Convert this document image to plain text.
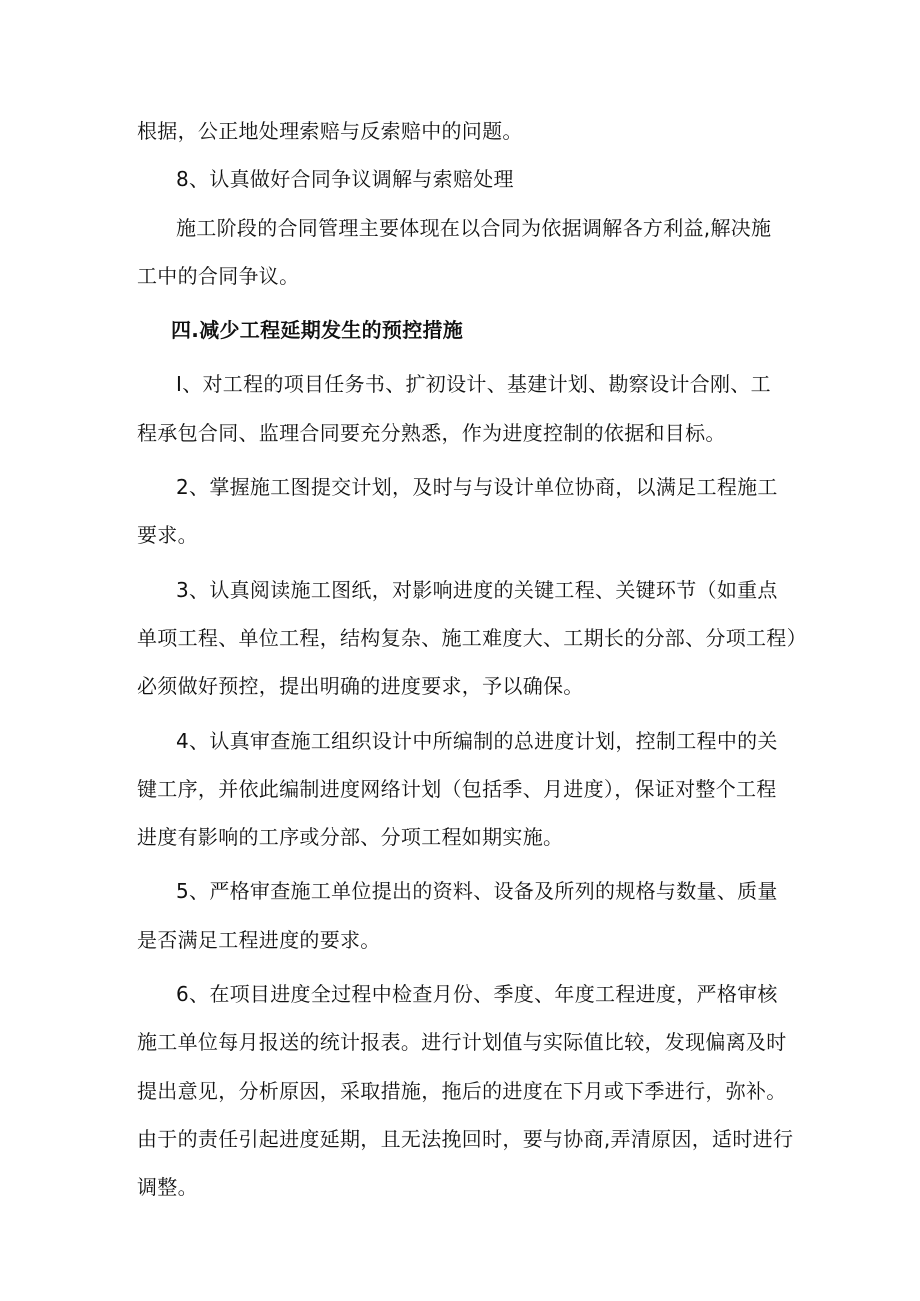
根据，公正地处理索赔与反索赔中的问题。
8、认真做好合同争议调解与索赔处理
施工阶段的合同管理主要体现在以合同为依据调解各方利益,解决施
工中的合同争议。
四.减少工程延期发生的预控措施
I、对工程的项目任务书、扩初设计、基建计划、勘察设计合刚、工
程承包合同、监理合同要充分熟悉，作为进度控制的依据和目标。
2、掌握施工图提交计划，及时与与设计单位协商，以满足工程施工
要求。
3、认真阅读施工图纸，对影响进度的关键工程、关键环节（如重点
单项工程、单位工程，结构复杂、施工难度大、工期长的分部、分项工程）
必须做好预控，提出明确的进度要求，予以确保。
4、认真审查施工组织设计中所编制的总进度计划，控制工程中的关
键工序，并依此编制进度网络计划（包括季、月进度），保证对整个工程
进度有影响的工序或分部、分项工程如期实施。
5、严格审查施工单位提出的资料、设备及所列的规格与数量、质量
是否满足工程进度的要求。
6、在项目进度全过程中检查月份、季度、年度工程进度，严格审核
施工单位每月报送的统计报表。进行计划值与实际值比较，发现偏离及时
提出意见，分析原因，采取措施，拖后的进度在下月或下季进行，弥补。
由于的责任引起进度延期，且无法挽回时，要与协商,弄清原因，适时进行
调整。
